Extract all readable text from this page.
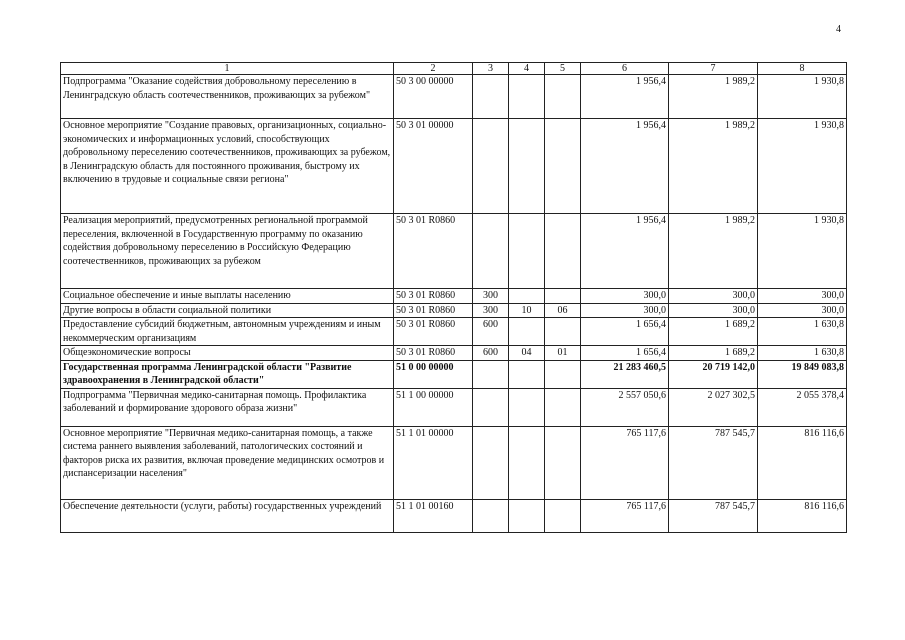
4
1	2	3	4	5	6	7	8
Подпрограмма "Оказание содействия добровольному переселению в Ленинградскую область соотечественников, проживающих за рубежом"	50 3 00 00000				1 956,4	1 989,2	1 930,8
Основное мероприятие "Создание правовых, организационных, социально-экономических и информационных условий, способствующих добровольному переселению соотечественников, проживающих за рубежом, в Ленинградскую область для постоянного проживания, быстрому их включению в трудовые и социальные связи региона"	50 3 01 00000				1 956,4	1 989,2	1 930,8
Реализация мероприятий, предусмотренных региональной программой переселения, включенной в Государственную программу по оказанию содействия добровольному переселению в Российскую Федерацию соотечественников, проживающих за рубежом	50 3 01 R0860				1 956,4	1 989,2	1 930,8
Социальное обеспечение и иные выплаты населению	50 3 01 R0860	300			300,0	300,0	300,0
Другие вопросы в области социальной политики	50 3 01 R0860	300	10	06	300,0	300,0	300,0
Предоставление субсидий бюджетным, автономным учреждениям и иным некоммерческим организациям	50 3 01 R0860	600			1 656,4	1 689,2	1 630,8
Общеэкономические вопросы	50 3 01 R0860	600	04	01	1 656,4	1 689,2	1 630,8
Государственная программа Ленинградской области "Развитие здравоохранения в Ленинградской области"	51 0 00 00000				21 283 460,5	20 719 142,0	19 849 083,8
Подпрограмма "Первичная медико-санитарная помощь. Профилактика заболеваний и формирование здорового образа жизни"	51 1 00 00000				2 557 050,6	2 027 302,5	2 055 378,4
Основное мероприятие "Первичная медико-санитарная помощь, а также система раннего выявления заболеваний, патологических состояний и факторов риска их развития, включая проведение медицинских осмотров и диспансеризации населения"	51 1 01 00000				765 117,6	787 545,7	816 116,6
Обеспечение деятельности (услуги, работы) государственных учреждений	51 1 01 00160				765 117,6	787 545,7	816 116,6
